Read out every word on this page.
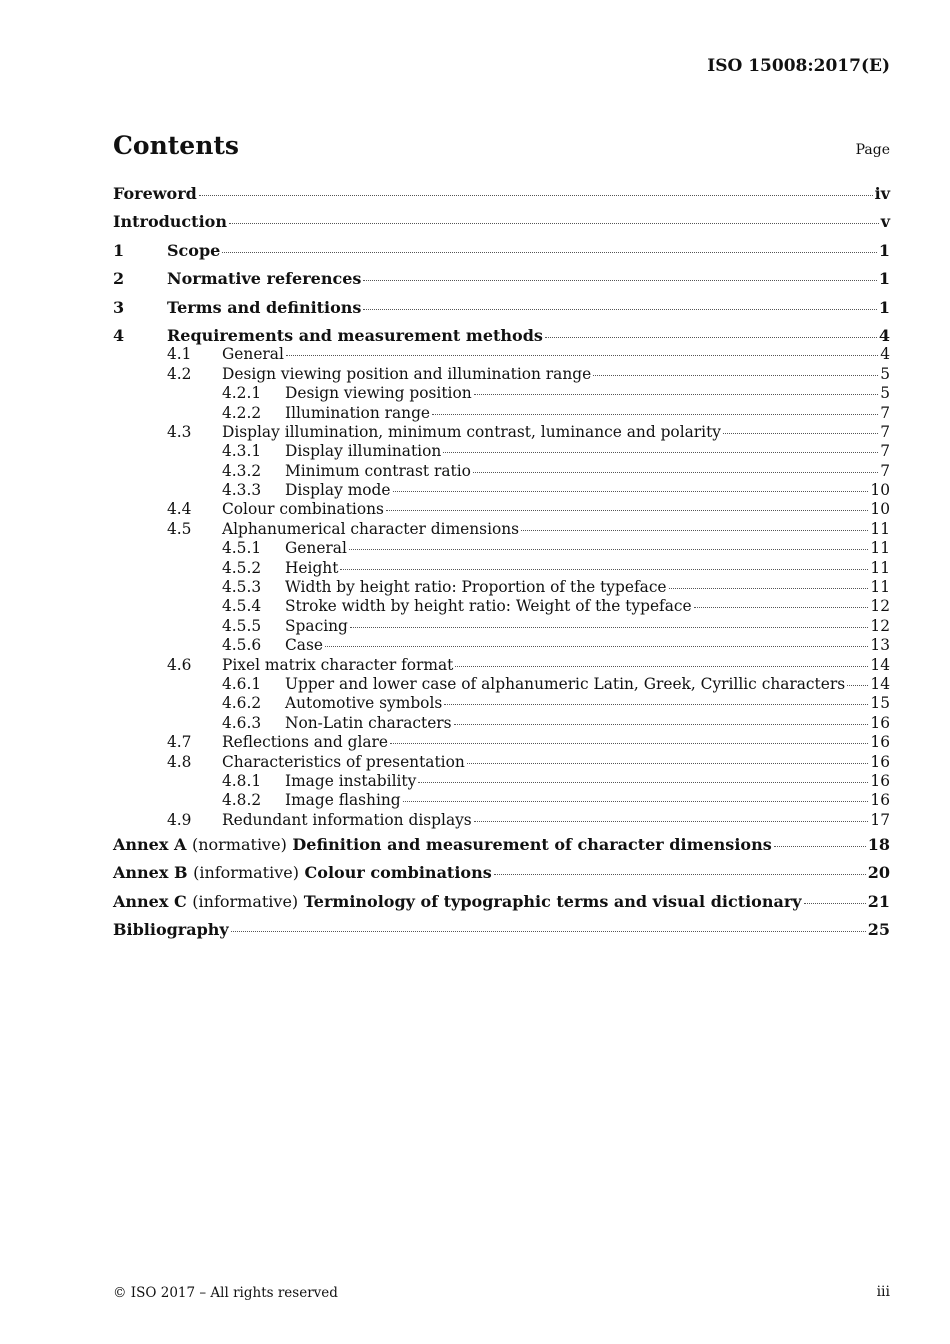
ISO 15008:2017(E)
Contents	Page
Foreword	iv
Introduction	v
1	Scope	1
2	Normative references	1
3	Terms and definitions	1
4	Requirements and measurement methods	4
4.1	General	4
4.2	Design viewing position and illumination range	5
4.2.1	Design viewing position	5
4.2.2	Illumination range	7
4.3	Display illumination, minimum contrast, luminance and polarity	7
4.3.1	Display illumination	7
4.3.2	Minimum contrast ratio	7
4.3.3	Display mode	10
4.4	Colour combinations	10
4.5	Alphanumerical character dimensions	11
4.5.1	General	11
4.5.2	Height	11
4.5.3	Width by height ratio: Proportion of the typeface	11
4.5.4	Stroke width by height ratio: Weight of the typeface	12
4.5.5	Spacing	12
4.5.6	Case	13
4.6	Pixel matrix character format	14
4.6.1	Upper and lower case of alphanumeric Latin, Greek, Cyrillic characters 14
4.6.2	Automotive symbols	15
4.6.3	Non-Latin characters	16
4.7	Reflections and glare	16
4.8	Characteristics of presentation	16
4.8.1	Image instability	16
4.8.2	Image flashing	16
4.9	Redundant information displays	17
Annex A (normative) Definition and measurement of character dimensions	18
Annex B (informative) Colour combinations	20
Annex C (informative) Terminology of typographic terms and visual dictionary	21
Bibliography	25
© ISO 2017 – All rights reserved	iii
